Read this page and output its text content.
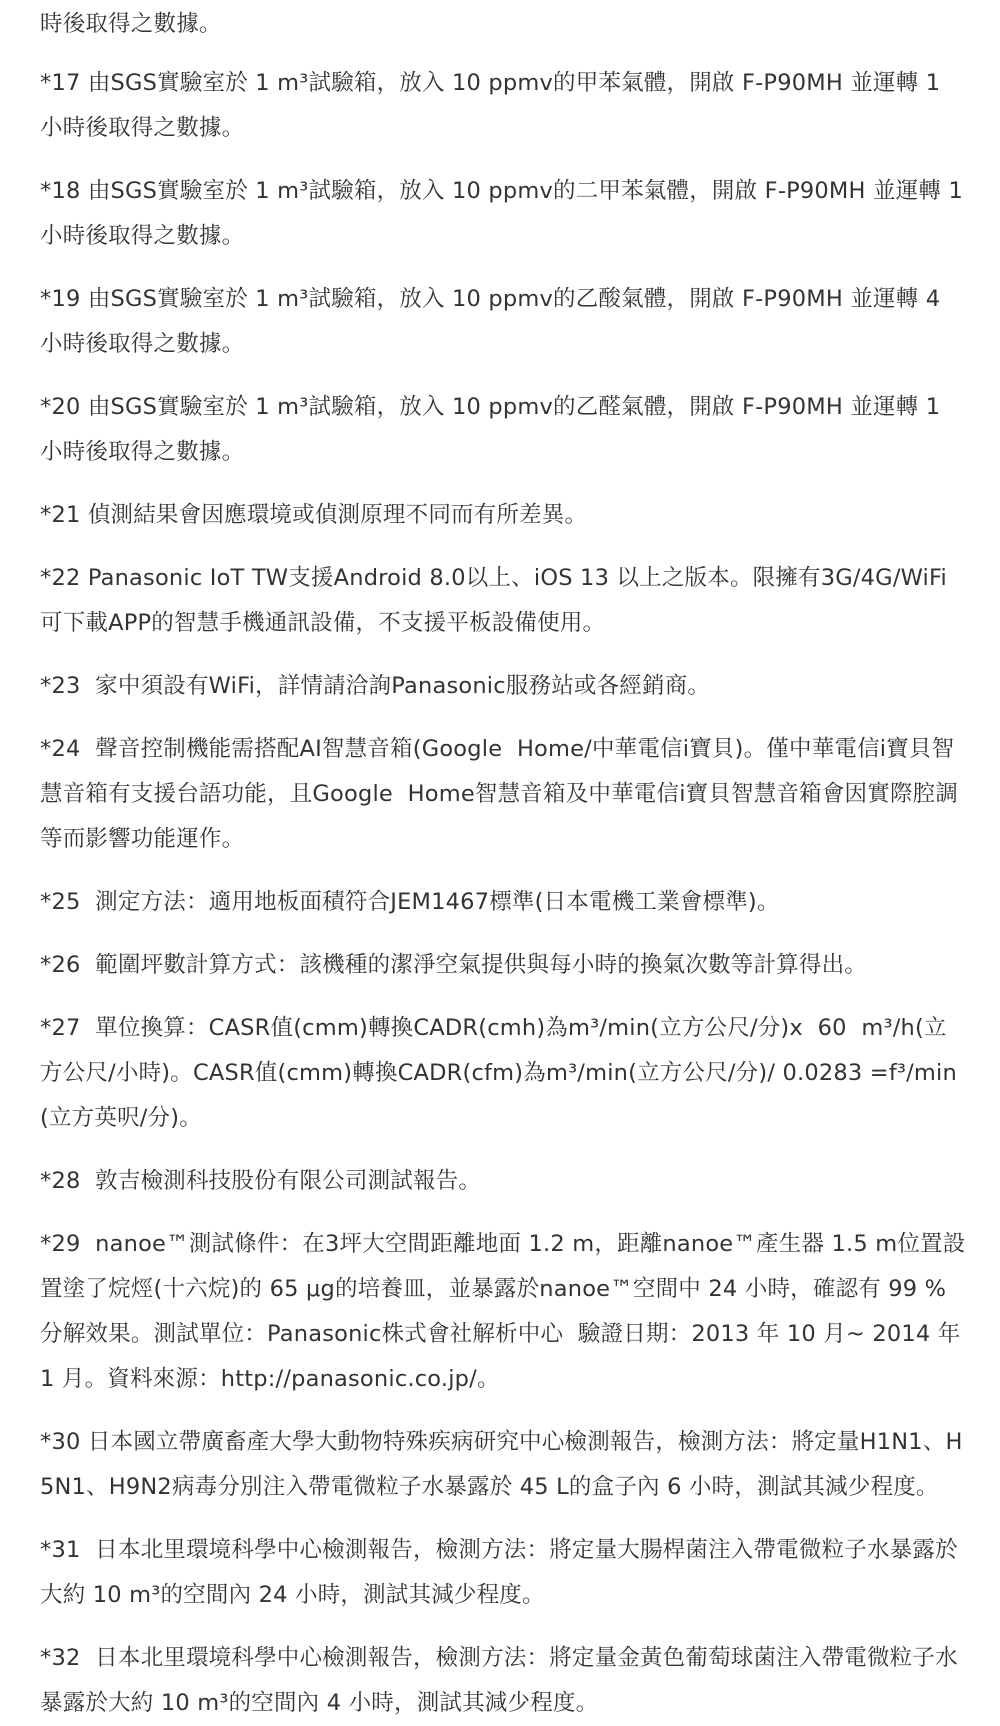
時後取得之數據。

*17 由SGS實驗室於 1 m³試驗箱，放入 10 ppmv的甲苯氣體，開啟 F-P90MH 並運轉 1 小時後取得之數據。

*18 由SGS實驗室於 1 m³試驗箱，放入 10 ppmv的二甲苯氣體，開啟 F-P90MH 並運轉 1 小時後取得之數據。

*19 由SGS實驗室於 1 m³試驗箱，放入 10 ppmv的乙酸氣體，開啟 F-P90MH 並運轉 4 小時後取得之數據。

*20 由SGS實驗室於 1 m³試驗箱，放入 10 ppmv的乙醛氣體，開啟 F-P90MH 並運轉 1 小時後取得之數據。

*21 偵測結果會因應環境或偵測原理不同而有所差異。

*22 Panasonic IoT TW支援Android 8.0以上、iOS 13 以上之版本。限擁有3G/4G/WiFi 可下載APP的智慧手機通訊設備，不支援平板設備使用。

*23  家中須設有WiFi，詳情請洽詢Panasonic服務站或各經銷商。

*24  聲音控制機能需搭配AI智慧音箱(Google  Home/中華電信i寶貝)。僅中華電信i寶貝智慧音箱有支援台語功能，且Google  Home智慧音箱及中華電信i寶貝智慧音箱會因實際腔調等而影響功能運作。

*25  測定方法：適用地板面積符合JEM1467標準(日本電機工業會標準)。

*26  範圍坪數計算方式：該機種的潔淨空氣提供與每小時的換氣次數等計算得出。

*27  單位換算：CASR值(cmm)轉換CADR(cmh)為m³/min(立方公尺/分)x  60  m³/h(立方公尺/小時)。CASR值(cmm)轉換CADR(cfm)為m³/min(立方公尺/分)/ 0.0283 =f³/min(立方英呎/分)。

*28  敦吉檢測科技股份有限公司測試報告。

*29  nanoe™測試條件：在3坪大空間距離地面 1.2 m，距離nanoe™產生器 1.5 m位置設置塗了烷烴(十六烷)的 65 μg的培養皿，並暴露於nanoe™空間中 24 小時，確認有 99 % 分解效果。測試單位：Panasonic株式會社解析中心  驗證日期：2013 年 10 月~ 2014 年 1 月。資料來源：http://panasonic.co.jp/。

*30 日本國立帶廣畜產大學大動物特殊疾病研究中心檢測報告，檢測方法：將定量H1N1、H5N1、H9N2病毒分別注入帶電微粒子水暴露於 45 L的盒子內 6 小時，測試其減少程度。

*31  日本北里環境科學中心檢測報告，檢測方法：將定量大腸桿菌注入帶電微粒子水暴露於大約 10 m³的空間內 24 小時，測試其減少程度。

*32  日本北里環境科學中心檢測報告，檢測方法：將定量金黃色葡萄球菌注入帶電微粒子水暴露於大約 10 m³的空間內 4 小時，測試其減少程度。
